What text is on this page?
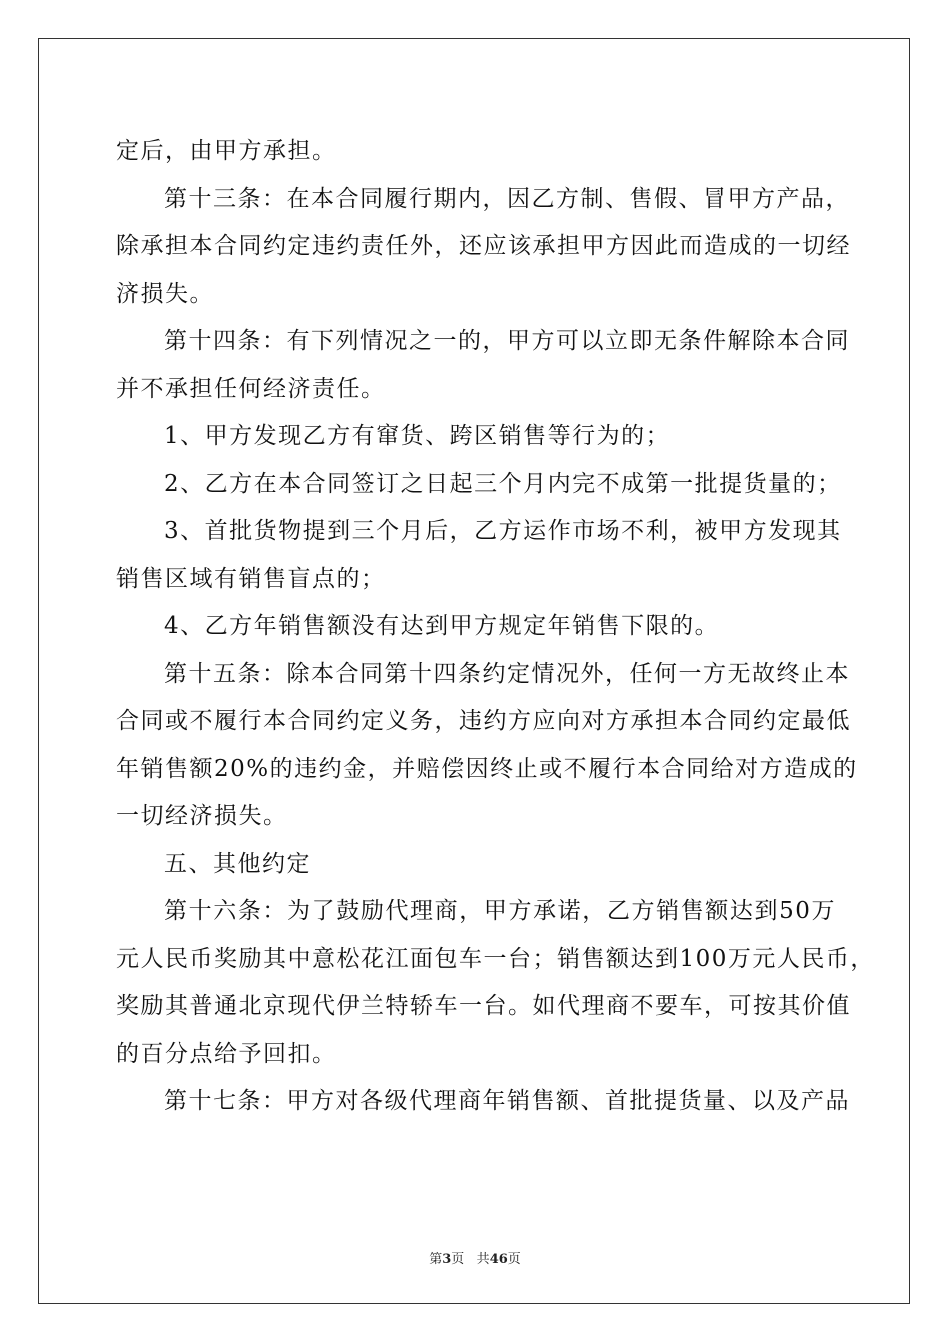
定后，由甲方承担。
第十三条：在本合同履行期内，因乙方制、售假、冒甲方产品，
除承担本合同约定违约责任外，还应该承担甲方因此而造成的一切经
济损失。
第十四条：有下列情况之一的，甲方可以立即无条件解除本合同
并不承担任何经济责任。
1、甲方发现乙方有窜货、跨区销售等行为的；
2、乙方在本合同签订之日起三个月内完不成第一批提货量的；
3、首批货物提到三个月后，乙方运作市场不利，被甲方发现其
销售区域有销售盲点的；
4、乙方年销售额没有达到甲方规定年销售下限的。
第十五条：除本合同第十四条约定情况外，任何一方无故终止本
合同或不履行本合同约定义务，违约方应向对方承担本合同约定最低
年销售额20%的违约金，并赔偿因终止或不履行本合同给对方造成的
一切经济损失。
五、其他约定
第十六条：为了鼓励代理商，甲方承诺，乙方销售额达到50万
元人民币奖励其中意松花江面包车一台；销售额达到100万元人民币，
奖励其普通北京现代伊兰特轿车一台。如代理商不要车，可按其价值
的百分点给予回扣。
第十七条：甲方对各级代理商年销售额、首批提货量、以及产品
第3页 共46页
